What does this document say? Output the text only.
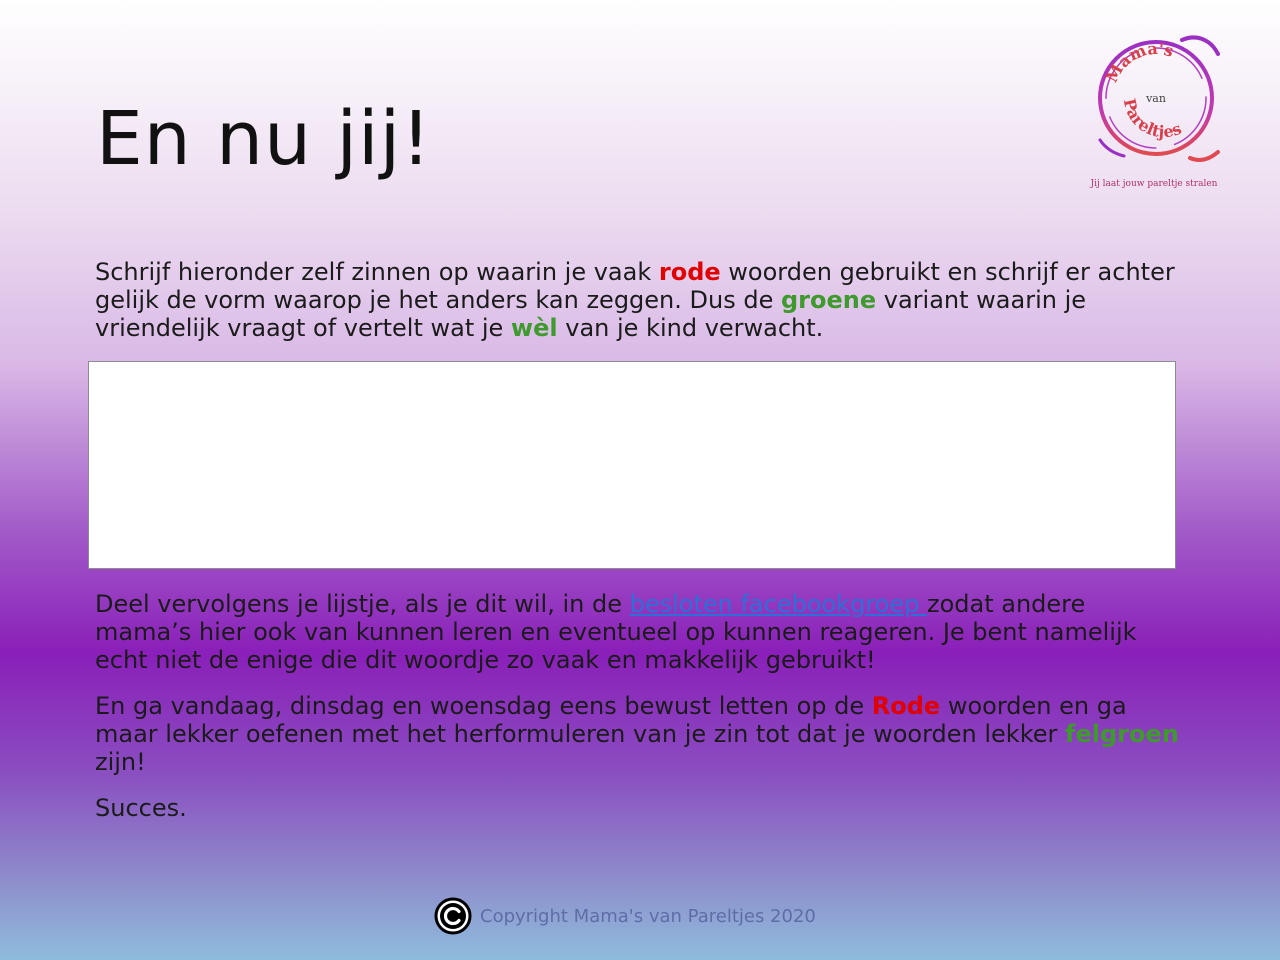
En nu jij!
Mama's
van
Pareltjes
Jij laat jouw pareltje stralen

Schrijf hieronder zelf zinnen op waarin je vaak rode woorden gebruikt en schrijf er achter gelijk de vorm waarop je het anders kan zeggen. Dus de groene variant waarin je vriendelijk vraagt of vertelt wat je wèl van je kind verwacht.

Deel vervolgens je lijstje, als je dit wil, in de besloten facebookgroep zodat andere mama’s hier ook van kunnen leren en eventueel op kunnen reageren. Je bent namelijk echt niet de enige die dit woordje zo vaak en makkelijk gebruikt!

En ga vandaag, dinsdag en woensdag eens bewust letten op de Rode woorden en ga maar lekker oefenen met het herformuleren van je zin tot dat je woorden lekker felgroen zijn!

Succes.

Copyright Mama's van Pareltjes 2020
